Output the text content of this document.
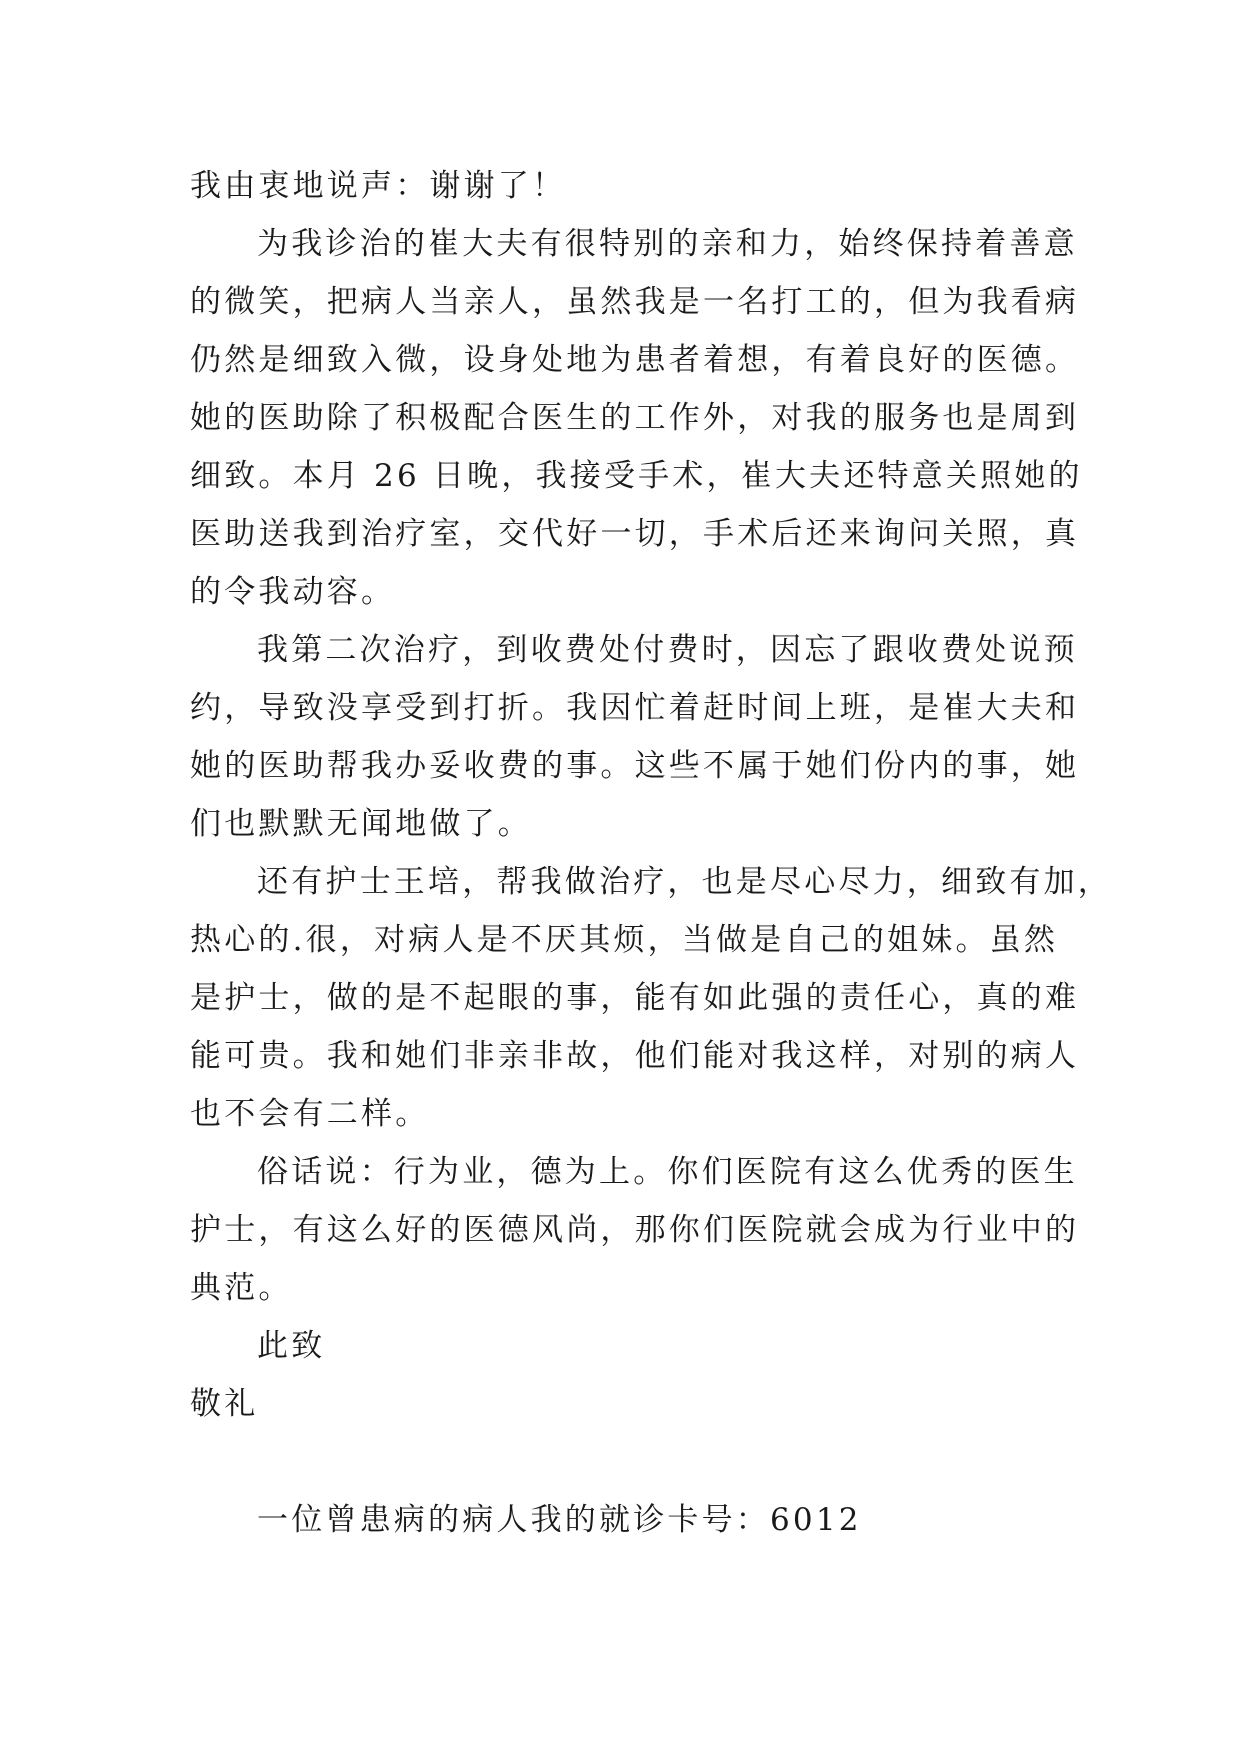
我由衷地说声：谢谢了！
为我诊治的崔大夫有很特别的亲和力，始终保持着善意
的微笑，把病人当亲人，虽然我是一名打工的，但为我看病
仍然是细致入微，设身处地为患者着想，有着良好的医德。
她的医助除了积极配合医生的工作外，对我的服务也是周到
细致。本月 26 日晚，我接受手术，崔大夫还特意关照她的
医助送我到治疗室，交代好一切，手术后还来询问关照，真
的令我动容。
我第二次治疗，到收费处付费时，因忘了跟收费处说预
约，导致没享受到打折。我因忙着赶时间上班，是崔大夫和
她的医助帮我办妥收费的事。这些不属于她们份内的事，她
们也默默无闻地做了。
还有护士王培，帮我做治疗，也是尽心尽力，细致有加，
热心的.很，对病人是不厌其烦，当做是自己的姐妹。虽然
是护士，做的是不起眼的事，能有如此强的责任心，真的难
能可贵。我和她们非亲非故，他们能对我这样，对别的病人
也不会有二样。
俗话说：行为业，德为上。你们医院有这么优秀的医生
护士，有这么好的医德风尚，那你们医院就会成为行业中的
典范。
此致
敬礼
一位曾患病的病人我的就诊卡号：6012
